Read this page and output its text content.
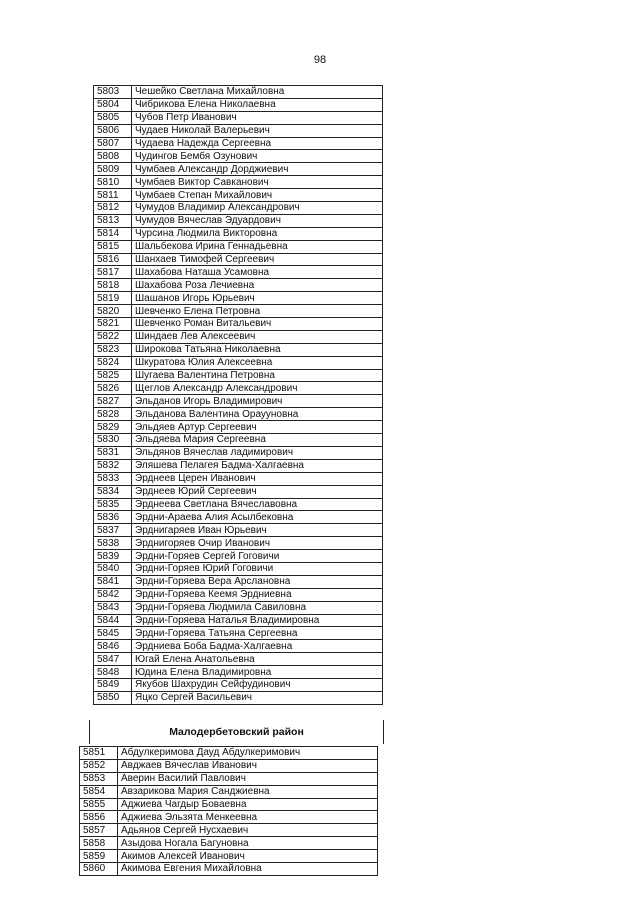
98
5803	Чешейко Светлана Михайловна
5804	Чибрикова Елена Николаевна
5805	Чубов Петр Иванович
5806	Чудаев Николай Валерьевич
5807	Чудаева Надежда Сергеевна
5808	Чудингов Бембя Озунович
5809	Чумбаев Александр Дорджиевич
5810	Чумбаев Виктор Савканович
5811	Чумбаев Степан Михайлович
5812	Чумудов Владимир Александрович
5813	Чумудов Вячеслав Эдуардович
5814	Чурсина Людмила Викторовна
5815	Шальбекова Ирина Геннадьевна
5816	Шанхаев Тимофей Сергеевич
5817	Шахабова Наташа Усамовна
5818	Шахабова Роза Лечиевна
5819	Шашанов Игорь Юрьевич
5820	Шевченко Елена Петровна
5821	Шевченко Роман Витальевич
5822	Шиндаев Лев Алексеевич
5823	Широкова Татьяна Николаевна
5824	Шкуратова Юлия Алексеевна
5825	Шугаева Валентина Петровна
5826	Щеглов Александр Александрович
5827	Эльданов Игорь Владимирович
5828	Эльданова Валентина Ораууновна
5829	Эльдяев Артур Сергеевич
5830	Эльдяева Мария Сергеевна
5831	Эльдянов Вячеслав ладимирович
5832	Эляшева Пелагея Бадма-Халгаевна
5833	Эрднеев Церен Иванович
5834	Эрднеев Юрий Сергеевич
5835	Эрднеева Светлана Вячеславовна
5836	Эрдни-Араева Алия Асылбековна
5837	Эрднигаряев Иван Юрьевич
5838	Эрднигоряев Очир Иванович
5839	Эрдни-Горяев Сергей Гоговичи
5840	Эрдни-Горяев Юрий Гоговичи
5841	Эрдни-Горяева Вера Арслановна
5842	Эрдни-Горяева Кеемя Эрдниевна
5843	Эрдни-Горяева Людмила Савиловна
5844	Эрдни-Горяева Наталья Владимировна
5845	Эрдни-Горяева Татьяна Сергеевна
5846	Эрдниева Боба Бадма-Халгаевна
5847	Югай Елена Анатольевна
5848	Юдина Елена Владимировна
5849	Якубов Шахрудин Сейфудинович
5850	Яцко Сергей Васильевич
Малодербетовский район
5851	Абдулкеримова Дауд Абдулкеримович
5852	Авджаев Вячеслав Иванович
5853	Аверин Василий Павлович
5854	Авзарикова Мария Санджиевна
5855	Аджиева Чагдыр Боваевна
5856	Аджиева Эльзята Менкеевна
5857	Адьянов Сергей Нусхаевич
5858	Азыдова Ногала Багуновна
5859	Акимов Алексей Иванович
5860	Акимова Евгения Михайловна
